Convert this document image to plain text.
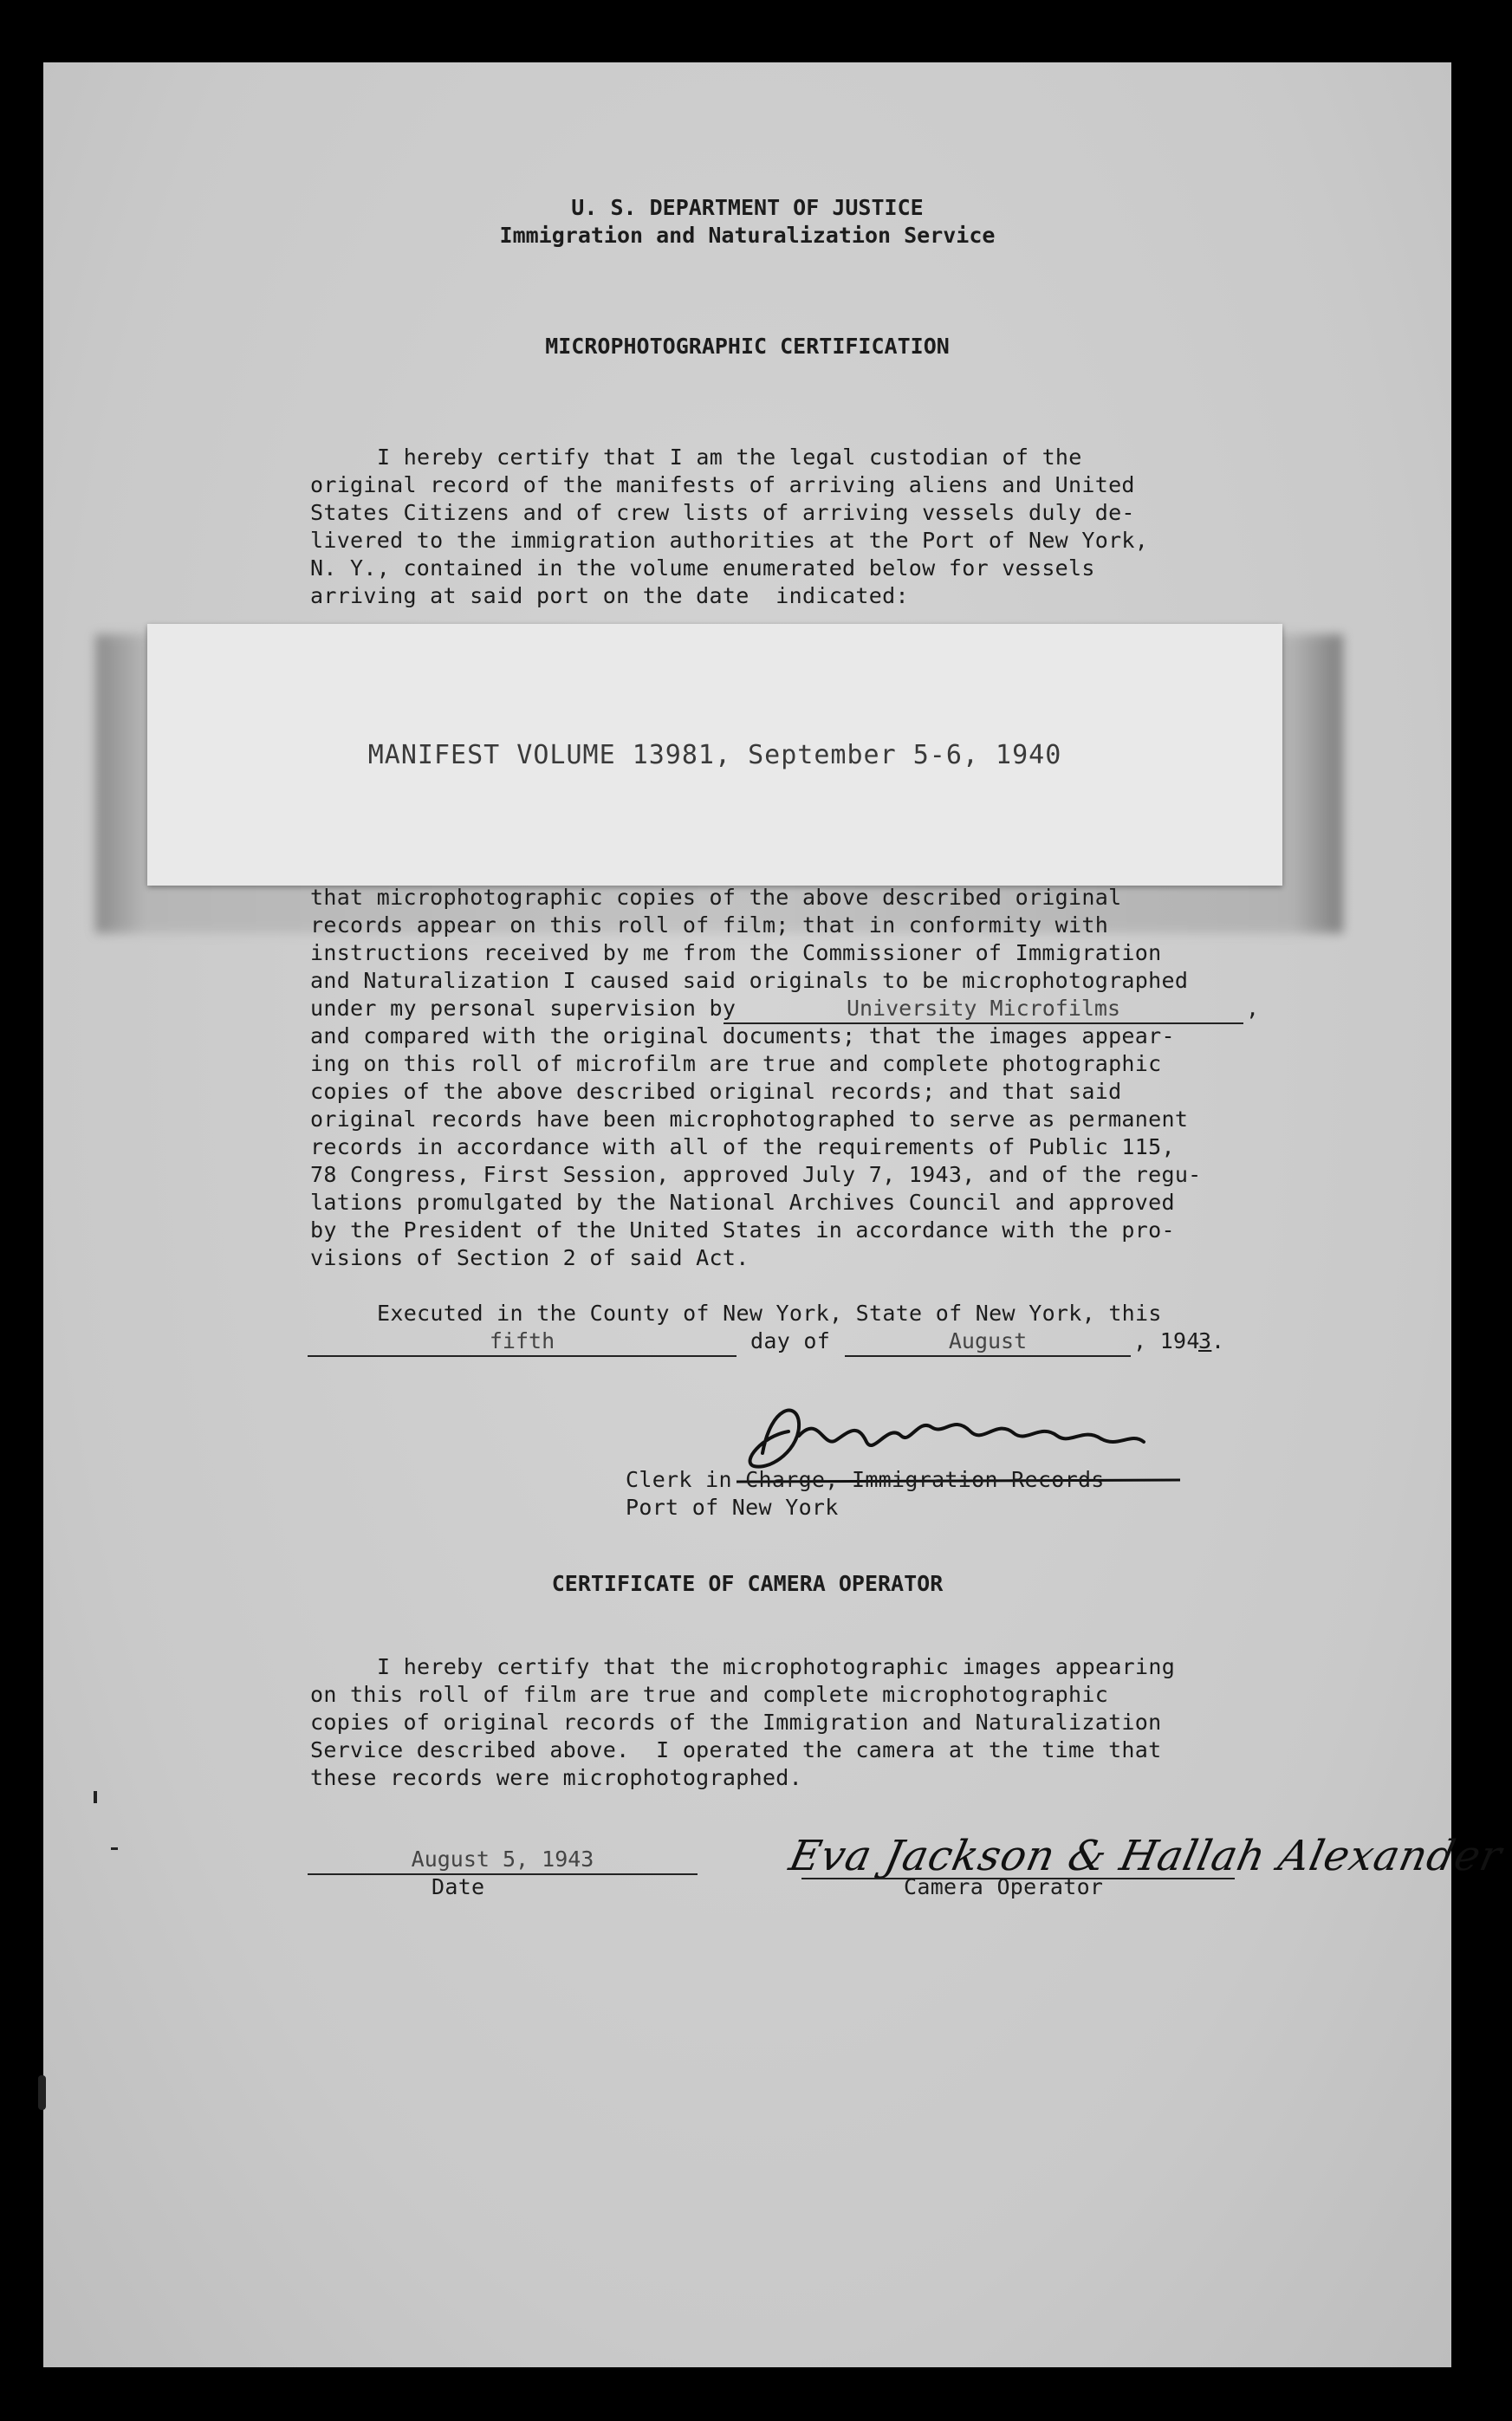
U. S. DEPARTMENT OF JUSTICE
Immigration and Naturalization Service
MICROPHOTOGRAPHIC CERTIFICATION
I hereby certify that I am the legal custodian of the
original record of the manifests of arriving aliens and United
States Citizens and of crew lists of arriving vessels duly de-
livered to the immigration authorities at the Port of New York,
N. Y., contained in the volume enumerated below for vessels
arriving at said port on the date  indicated:
MANIFEST VOLUME 13981, September 5-6, 1940
that microphotographic copies of the above described original
records appear on this roll of film; that in conformity with
instructions received by me from the Commissioner of Immigration
and Naturalization I caused said originals to be microphotographed
under my personal supervision by	University Microfilms	,
and compared with the original documents; that the images appear-
ing on this roll of microfilm are true and complete photographic
copies of the above described original records; and that said
original records have been microphotographed to serve as permanent
records in accordance with all of the requirements of Public 115,
78 Congress, First Session, approved July 7, 1943, and of the regu-
lations promulgated by the National Archives Council and approved
by the President of the United States in accordance with the pro-
visions of Section 2 of said Act.
Executed in the County of New York, State of New York, this
fifth	day of	August	, 194
3 .
Clerk in Charge, Immigration Records
Port of New York
CERTIFICATE OF CAMERA OPERATOR
I hereby certify that the microphotographic images appearing
on this roll of film are true and complete microphotographic
copies of original records of the Immigration and Naturalization
Service described above.  I operated the camera at the time that
these records were microphotographed.
August 5, 1943
Date
Eva Jackson & Hallah Alexander
Camera Operator
